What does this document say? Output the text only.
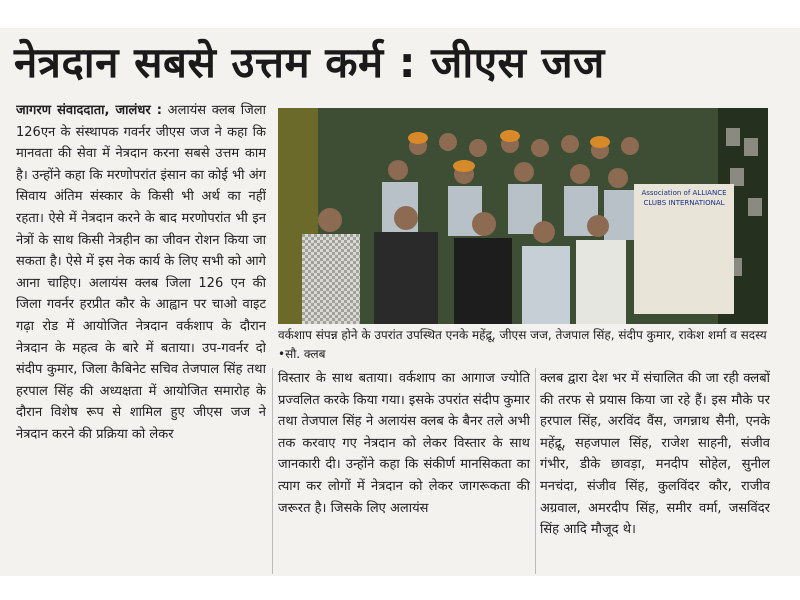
नेत्रदान सबसे उत्तम कर्म : जीएस जज

जागरण संवाददाता, जालंधर : अलायंस क्लब जिला 126एन के संस्थापक गवर्नर जीएस जज ने कहा कि मानवता की सेवा में नेत्रदान करना सबसे उत्तम काम है। उन्होंने कहा कि मरणोपरांत इंसान का कोई भी अंग सिवाय अंतिम संस्कार के किसी भी अर्थ का नहीं रहता। ऐसे में नेत्रदान करने के बाद मरणोपरांत भी इन नेत्रों के साथ किसी नेत्रहीन का जीवन रोशन किया जा सकता है। ऐसे में इस नेक कार्य के लिए सभी को आगे आना चाहिए। अलायंस क्लब जिला 126 एन की जिला गवर्नर हरप्रीत कौर के आह्वान पर चाओ वाइट गढ़ा रोड में आयोजित नेत्रदान वर्कशाप के दौरान नेत्रदान के महत्व के बारे में बताया। उप-गवर्नर दो संदीप कुमार, जिला कैबिनेट सचिव तेजपाल सिंह तथा हरपाल सिंह की अध्यक्षता में आयोजित समारोह के दौरान विशेष रूप से शामिल हुए जीएस जज ने नेत्रदान करने की प्रक्रिया को लेकर

Association of ALLIANCE CLUBS INTERNATIONAL
वर्कशाप संपन्न होने के उपरांत उपस्थित एनके महेंद्रू, जीएस जज, तेजपाल सिंह, संदीप कुमार, राकेश शर्मा व सदस्य •सौ. क्लब

विस्तार के साथ बताया। वर्कशाप का आगाज ज्योति प्रज्वलित करके किया गया। इसके उपरांत संदीप कुमार तथा तेजपाल सिंह ने अलायंस क्लब के बैनर तले अभी तक करवाए गए नेत्रदान को लेकर विस्तार के साथ जानकारी दी। उन्होंने कहा कि संकीर्ण मानसिकता का त्याग कर लोगों में नेत्रदान को लेकर जागरूकता की जरूरत है। जिसके लिए अलायंस

क्लब द्वारा देश भर में संचालित की जा रही क्लबों की तरफ से प्रयास किया जा रहे हैं। इस मौके पर हरपाल सिंह, अरविंद वैंस, जगन्नाथ सैनी, एनके महेंद्रू, सहजपाल सिंह, राजेश साहनी, संजीव गंभीर, डीके छावड़ा, मनदीप सोहेल, सुनील मनचंदा, संजीव सिंह, कुलविंदर कौर, राजीव अग्रवाल, अमरदीप सिंह, समीर वर्मा, जसविंदर सिंह आदि मौजूद थे।
